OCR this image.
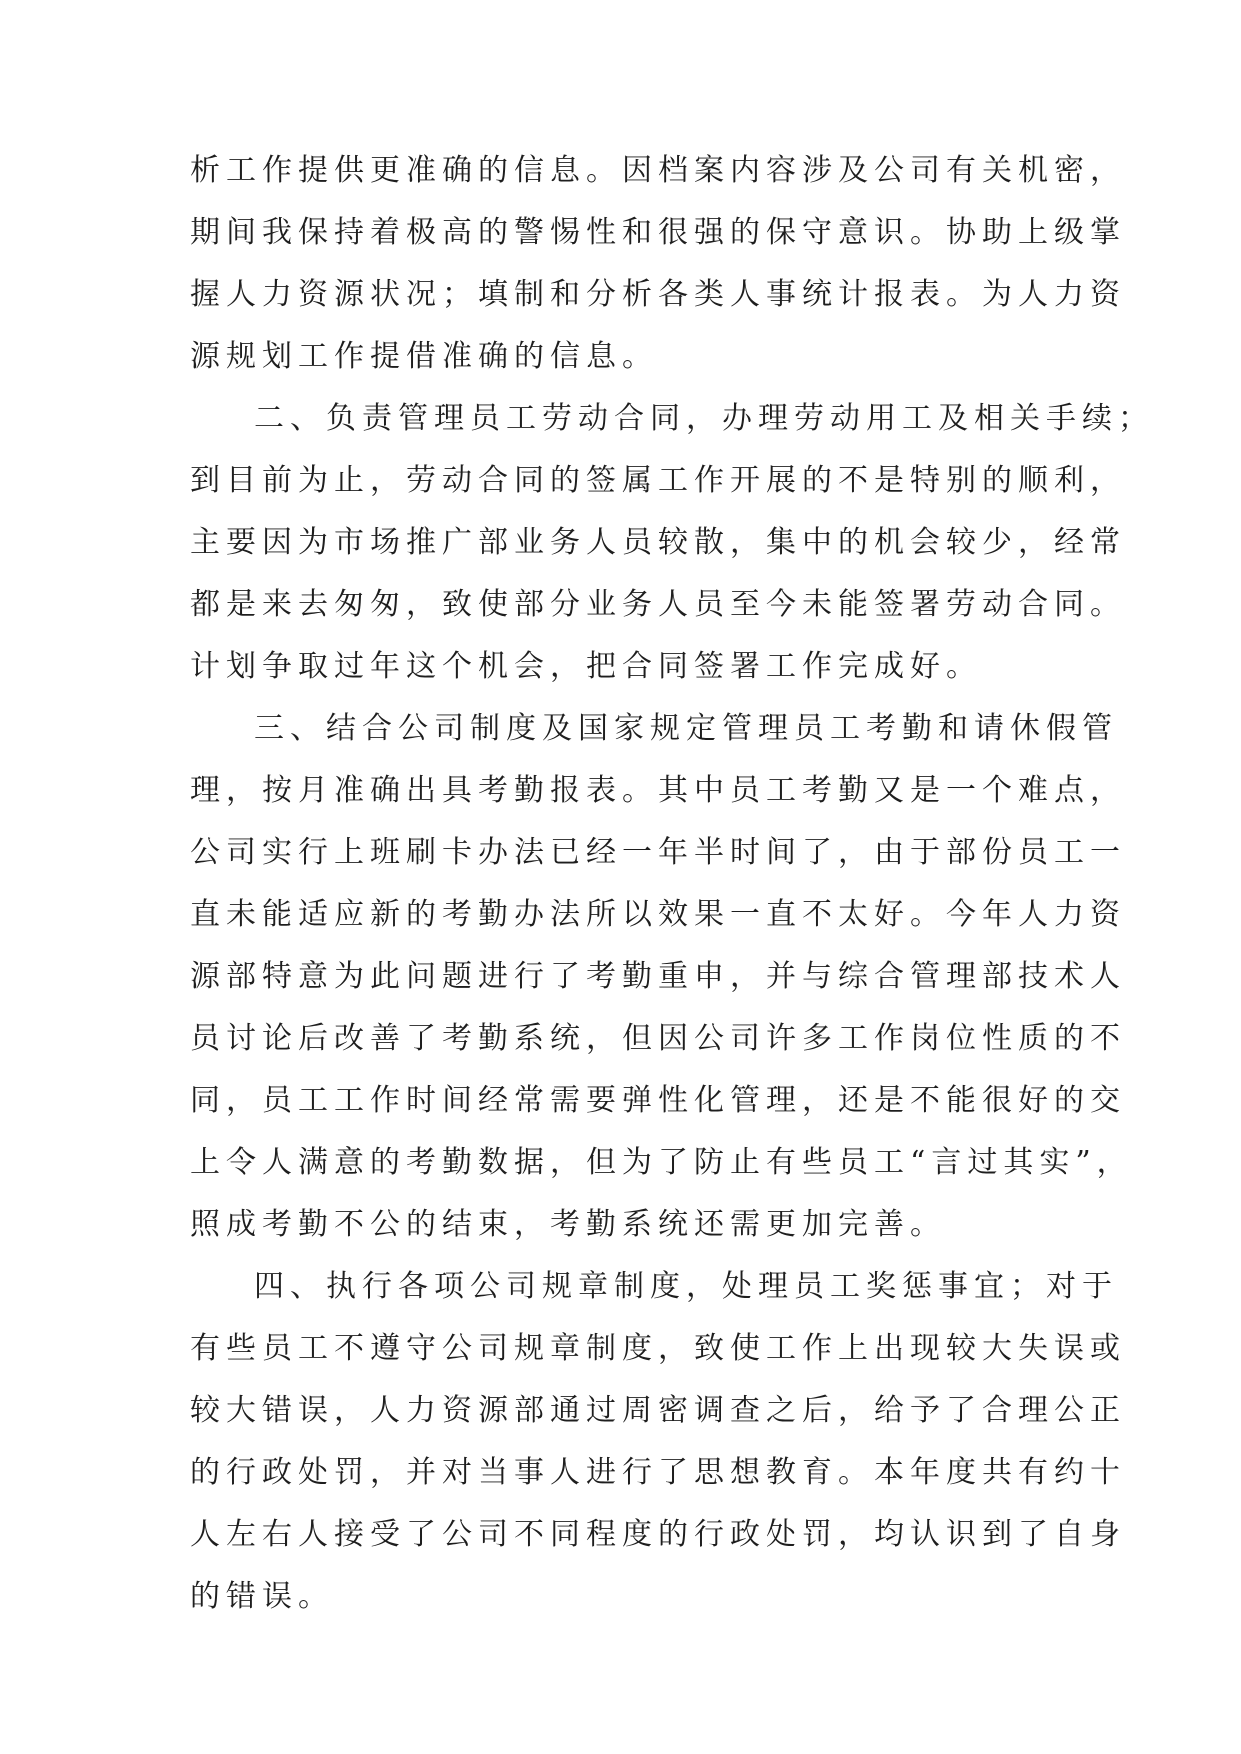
析工作提供更准确的信息。因档案内容涉及公司有关机密，
期间我保持着极高的警惕性和很强的保守意识。协助上级掌
握人力资源状况；填制和分析各类人事统计报表。为人力资
源规划工作提借准确的信息。
二、负责管理员工劳动合同，办理劳动用工及相关手续；
到目前为止，劳动合同的签属工作开展的不是特别的顺利，
主要因为市场推广部业务人员较散，集中的机会较少，经常
都是来去匆匆，致使部分业务人员至今未能签署劳动合同。
计划争取过年这个机会，把合同签署工作完成好。
三、结合公司制度及国家规定管理员工考勤和请休假管
理，按月准确出具考勤报表。其中员工考勤又是一个难点，
公司实行上班刷卡办法已经一年半时间了，由于部份员工一
直未能适应新的考勤办法所以效果一直不太好。今年人力资
源部特意为此问题进行了考勤重申，并与综合管理部技术人
员讨论后改善了考勤系统，但因公司许多工作岗位性质的不
同，员工工作时间经常需要弹性化管理，还是不能很好的交
上令人满意的考勤数据，但为了防止有些员工“言过其实”，
照成考勤不公的结束，考勤系统还需更加完善。
四、执行各项公司规章制度，处理员工奖惩事宜；对于
有些员工不遵守公司规章制度，致使工作上出现较大失误或
较大错误，人力资源部通过周密调查之后，给予了合理公正
的行政处罚，并对当事人进行了思想教育。本年度共有约十
人左右人接受了公司不同程度的行政处罚，均认识到了自身
的错误。
